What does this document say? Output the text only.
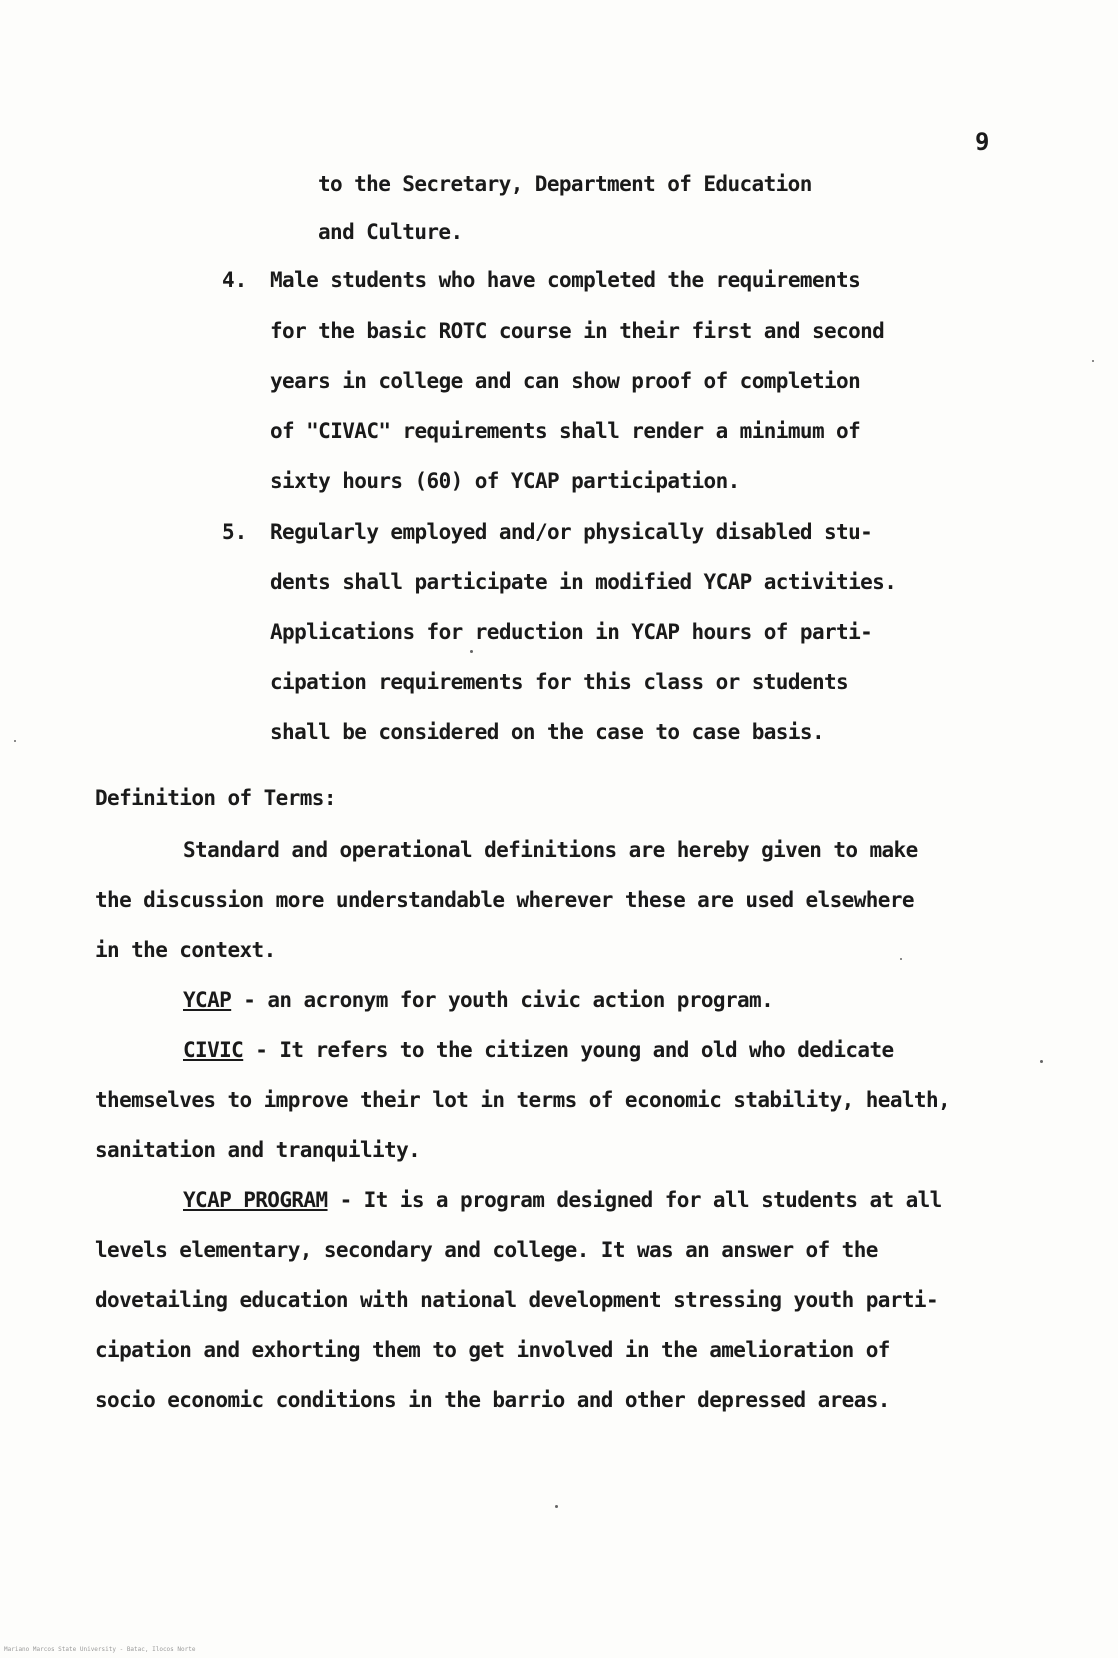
9
to the Secretary, Department of Education
and Culture.
4. Male students who have completed the requirements
for the basic ROTC course in their first and second
years in college and can show proof of completion
of "CIVAC" requirements shall render a minimum of
sixty hours (60) of YCAP participation.
5. Regularly employed and/or physically disabled stu-
dents shall participate in modified YCAP activities.
Applications for reduction in YCAP hours of parti-
cipation requirements for this class or students
shall be considered on the case to case basis.
Definition of Terms:
Standard and operational definitions are hereby given to make
the discussion more understandable wherever these are used elsewhere
in the context.
YCAP - an acronym for youth civic action program.
CIVIC - It refers to the citizen young and old who dedicate
themselves to improve their lot in terms of economic stability, health,
sanitation and tranquility.
YCAP PROGRAM - It is a program designed for all students at all
levels elementary, secondary and college. It was an answer of the
dovetailing education with national development stressing youth parti-
cipation and exhorting them to get involved in the amelioration of
socio economic conditions in the barrio and other depressed areas.
Mariano Marcos State University - Batac, Ilocos Norte
